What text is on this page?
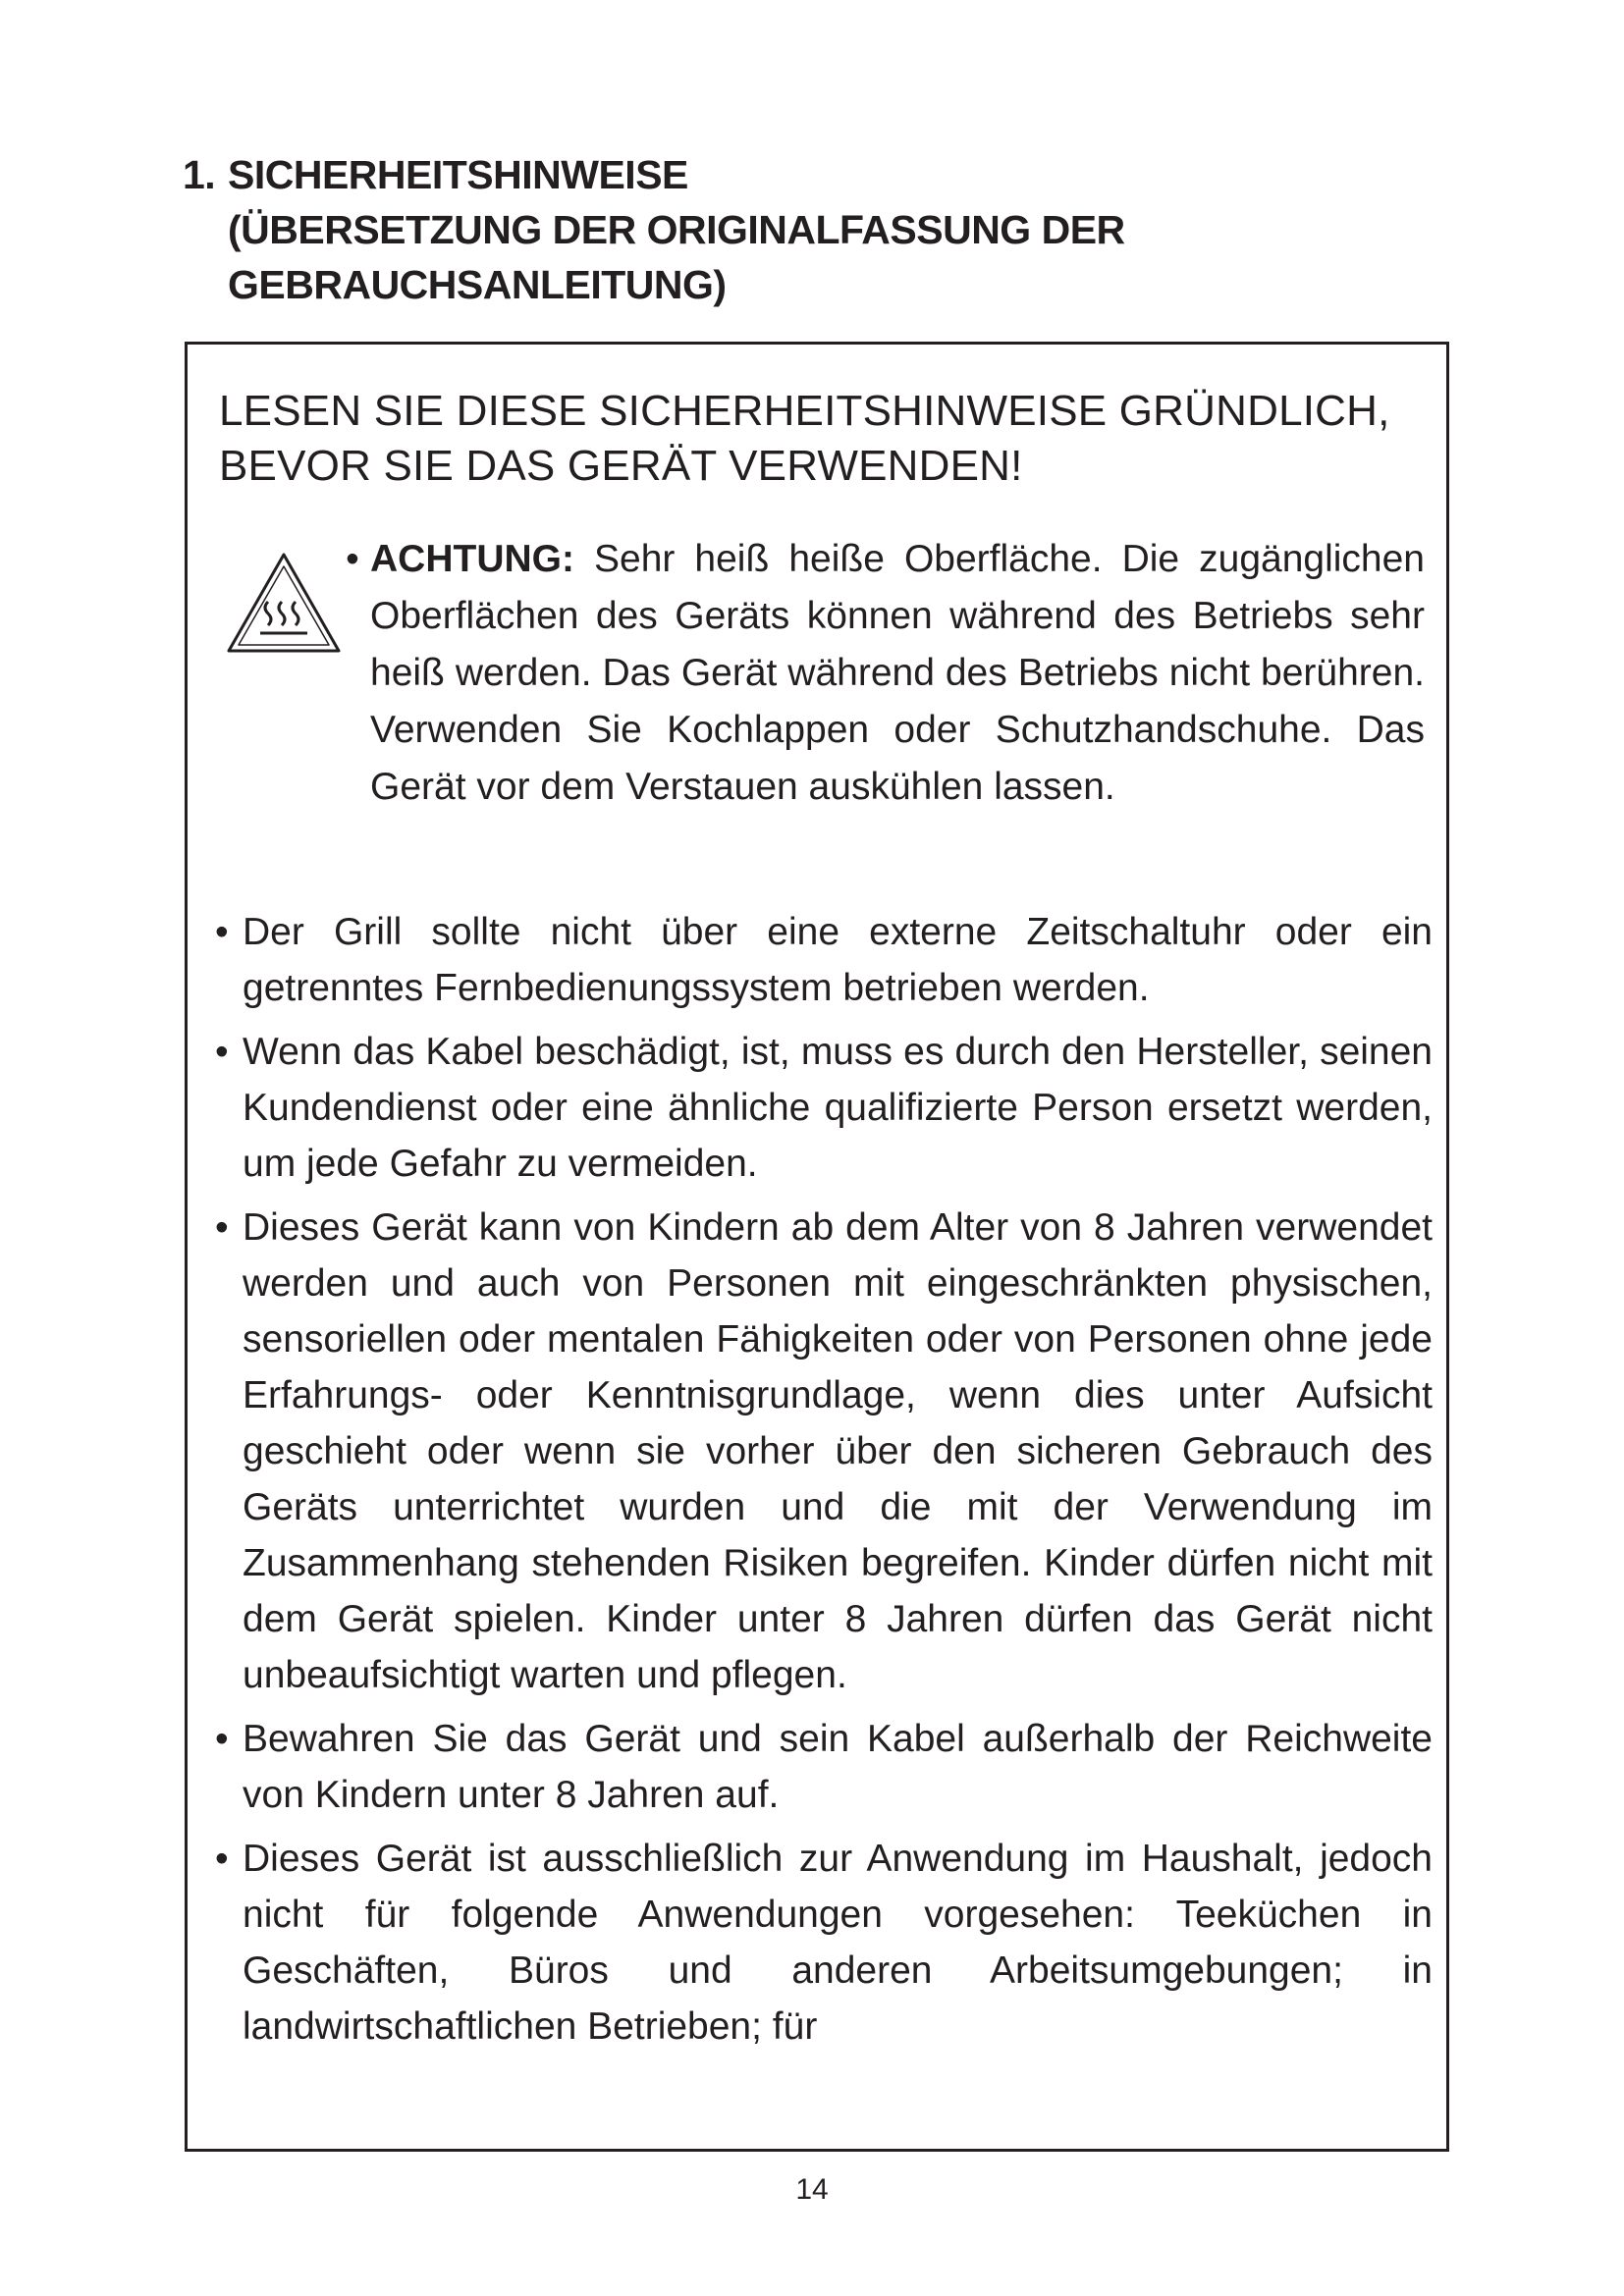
1. SICHERHEITSHINWEISE
(ÜBERSETZUNG DER ORIGINALFASSUNG DER
GEBRAUCHSANLEITUNG)
LESEN SIE DIESE SICHERHEITSHINWEISE GRÜNDLICH,
BEVOR SIE DAS GERÄT VERWENDEN!
• ACHTUNG: Sehr heiß heiße Oberfläche. Die zugänglichen Oberflächen des Geräts können während des Betriebs sehr heiß werden. Das Gerät während des Betriebs nicht berühren. Verwenden Sie Kochlappen oder Schutzhandschuhe. Das Gerät vor dem Verstauen auskühlen lassen.
• Der Grill sollte nicht über eine externe Zeitschaltuhr oder ein getrenntes Fernbedienungssystem betrieben werden.
• Wenn das Kabel beschädigt, ist, muss es durch den Hersteller, seinen Kundendienst oder eine ähnliche qualifizierte Person ersetzt werden, um jede Gefahr zu vermeiden.
• Dieses Gerät kann von Kindern ab dem Alter von 8 Jahren verwendet werden und auch von Personen mit eingeschränkten physischen, sensoriellen oder mentalen Fähigkeiten oder von Personen ohne jede Erfahrungs- oder Kenntnisgrundlage, wenn dies unter Aufsicht geschieht oder wenn sie vorher über den sicheren Gebrauch des Geräts unterrichtet wurden und die mit der Verwendung im Zusammenhang stehenden Risiken begreifen. Kinder dürfen nicht mit dem Gerät spielen. Kinder unter 8 Jahren dürfen das Gerät nicht unbeaufsichtigt warten und pflegen.
• Bewahren Sie das Gerät und sein Kabel außerhalb der Reichweite von Kindern unter 8 Jahren auf.
• Dieses Gerät ist ausschließlich zur Anwendung im Haushalt, jedoch nicht für folgende Anwendungen vorgesehen: Teeküchen in Geschäften, Büros und anderen Arbeitsumgebungen; in landwirtschaftlichen Betrieben; für
14
